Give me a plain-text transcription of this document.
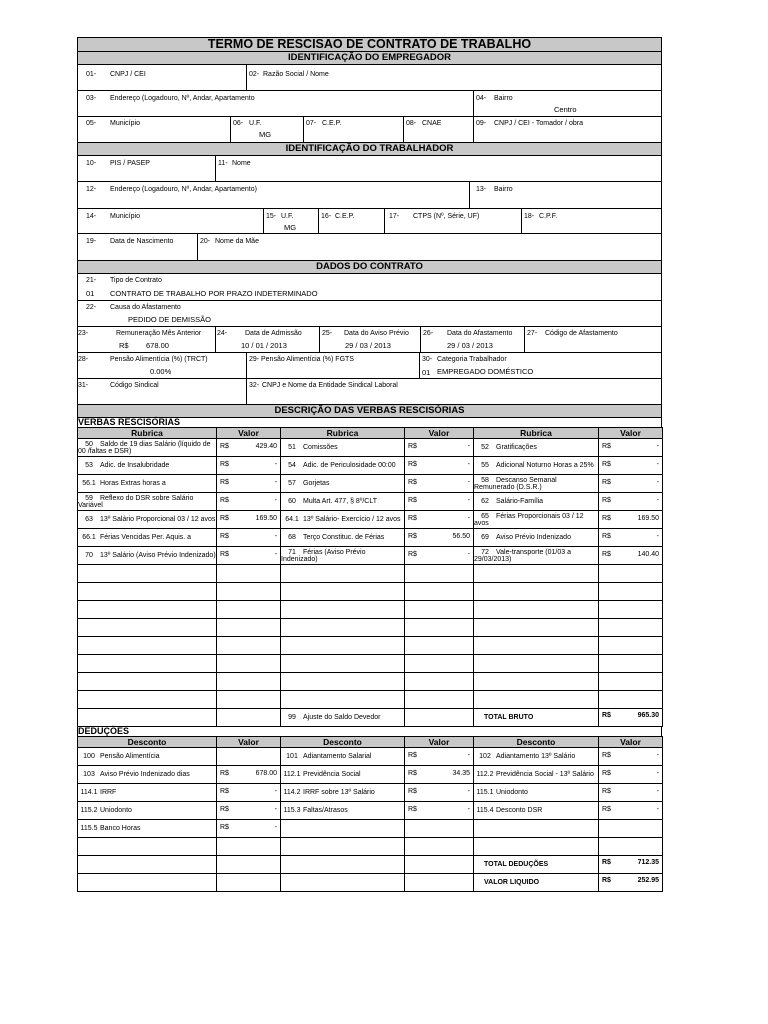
TERMO DE RESCISÃO DE CONTRATO DE TRABALHO
IDENTIFICAÇÃO DO EMPREGADOR
01- CNPJ / CEI	02- Razão Social / Nome
03- Endereço (Logadouro, Nº, Andar, Apartamento	04- Bairro
Centro
05- Município	06- U.F.
MG
07- C.E.P.	08- CNAE	09- CNPJ / CEI - Tomador / obra
IDENTIFICAÇÃO DO TRABALHADOR
10- PIS / PASEP	11- Nome
12- Endereço (Logadouro, Nº, Andar, Apartamento)	13- Bairro
14- Município	15- U.F.
MG
16- C.E.P.	17- CTPS (Nº, Série, UF)	18- C.P.F.
19- Data de Nascimento	20- Nome da Mãe
DADOS DO CONTRATO
21- Tipo de Contrato
01 CONTRATO DE TRABALHO POR PRAZO INDETERMINADO
22- Causa do Afastamento
PEDIDO DE DEMISSÃO
23-	Remuneração Mês Anterior
R$ 678.00
24-	Data de Admissão
10 / 01 / 2013
25- Data do Aviso Prévio
29 / 03 / 2013
26- Data do Afastamento
29 / 03 / 2013
27- Código de Afastamento
28-	Pensão Alimentícia (%) (TRCT)
0.00%
29- Pensão Alimentícia (%) FGTS	30- Categoria Trabalhador
01 EMPREGADO DOMÉSTICO
31-	Código Sindical	32- CNPJ e Nome da Entidade Sindical Laboral
DESCRIÇÃO DAS VERBAS RESCISÓRIAS
VERBAS RESCISÓRIAS
Rubrica	Valor	Rubrica	Valor	Rubrica	Valor
50 Saldo de 19 dias Salário (líquido de 00 /faltas e DSR)	R$ 429.40	51 Comissões	R$ -	52 Gratificações	R$ -

53 Adic. de Insalubridade	R$ -	54 Adic. de Periculosidade 00:00	R$ -	55 Adicional Noturno Horas a 25%	R$ -

56.1 Horas Extras horas a	R$ -	57 Gorjetas	R$ -	58 Descanso Semanal Remunerado (D.S.R.)	R$ -

59 Reflexo do DSR sobre Salário Variável	R$ -	60 Multa Art. 477, § 8º/CLT	R$ -	62 Salário-Família	R$ -

63 13º Salário Proporcional 03 / 12 avos	R$ 169.50	64.1 13º Salário- Exercício / 12 avos	R$ -	65 Férias Proporcionais 03 / 12 avos	R$ 169.50

66.1 Férias Vencidas Per. Aquis. a	R$ -	68 Terço Constituc. de Férias	R$ 56.50	69 Aviso Prévio Indenizado	R$ -

70 13º Salário (Aviso Prévio Indenizado)	R$ -	71 Férias (Aviso Prévio Indenizado)	R$ -	72 Vale-transporte (01/03 a 29/03/2013)	R$ 140.40

		99 Ajuste do Saldo Devedor		TOTAL BRUTO	R$ 965.30
DEDUÇÕES
Desconto	Valor	Desconto	Valor	Desconto	Valor
100 Pensão Alimentícia		101 Adiantamento Salarial	R$ -	102 Adiantamento 13º Salário	R$ -

103 Aviso Prévio Indenizado dias	R$ 678.00	112.1 Previdência Social	R$ 34.35	112.2 Previdência Social - 13º Salário	R$ -

114.1 IRRF	R$ -	114.2 IRRF sobre 13º Salário	R$ -	115.1 Uniodonto	R$ -

115.2 Uniodonto	R$ -	115.3 Faltas/Atrasos	R$ -	115.4 Desconto DSR	R$ -

115.5 Banco Horas	R$ -				

				TOTAL DEDUÇÕES	R$ 712.35

				VALOR LIQUIDO	R$ 252.95
